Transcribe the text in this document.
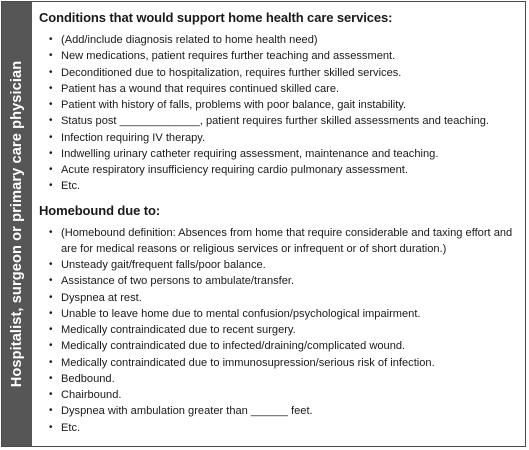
Hospitalist, surgeon or primary care physician
Conditions that would support home health care services:
• (Add/include diagnosis related to home health need)
• New medications, patient requires further teaching and assessment.
• Deconditioned due to hospitalization, requires further skilled services.
• Patient has a wound that requires continued skilled care.
• Patient with history of falls, problems with poor balance, gait instability.
• Status post _____________, patient requires further skilled assessments and teaching.
• Infection requiring IV therapy.
• Indwelling urinary catheter requiring assessment, maintenance and teaching.
• Acute respiratory insufficiency requiring cardio pulmonary assessment.
• Etc.
Homebound due to:
• (Homebound definition: Absences from home that require considerable and taxing effort and are for medical reasons or religious services or infrequent or of short duration.)
• Unsteady gait/frequent falls/poor balance.
• Assistance of two persons to ambulate/transfer.
• Dyspnea at rest.
• Unable to leave home due to mental confusion/psychological impairment.
• Medically contraindicated due to recent surgery.
• Medically contraindicated due to infected/draining/complicated wound.
• Medically contraindicated due to immunosupression/serious risk of infection.
• Bedbound.
• Chairbound.
• Dyspnea with ambulation greater than ______ feet.
• Etc.
